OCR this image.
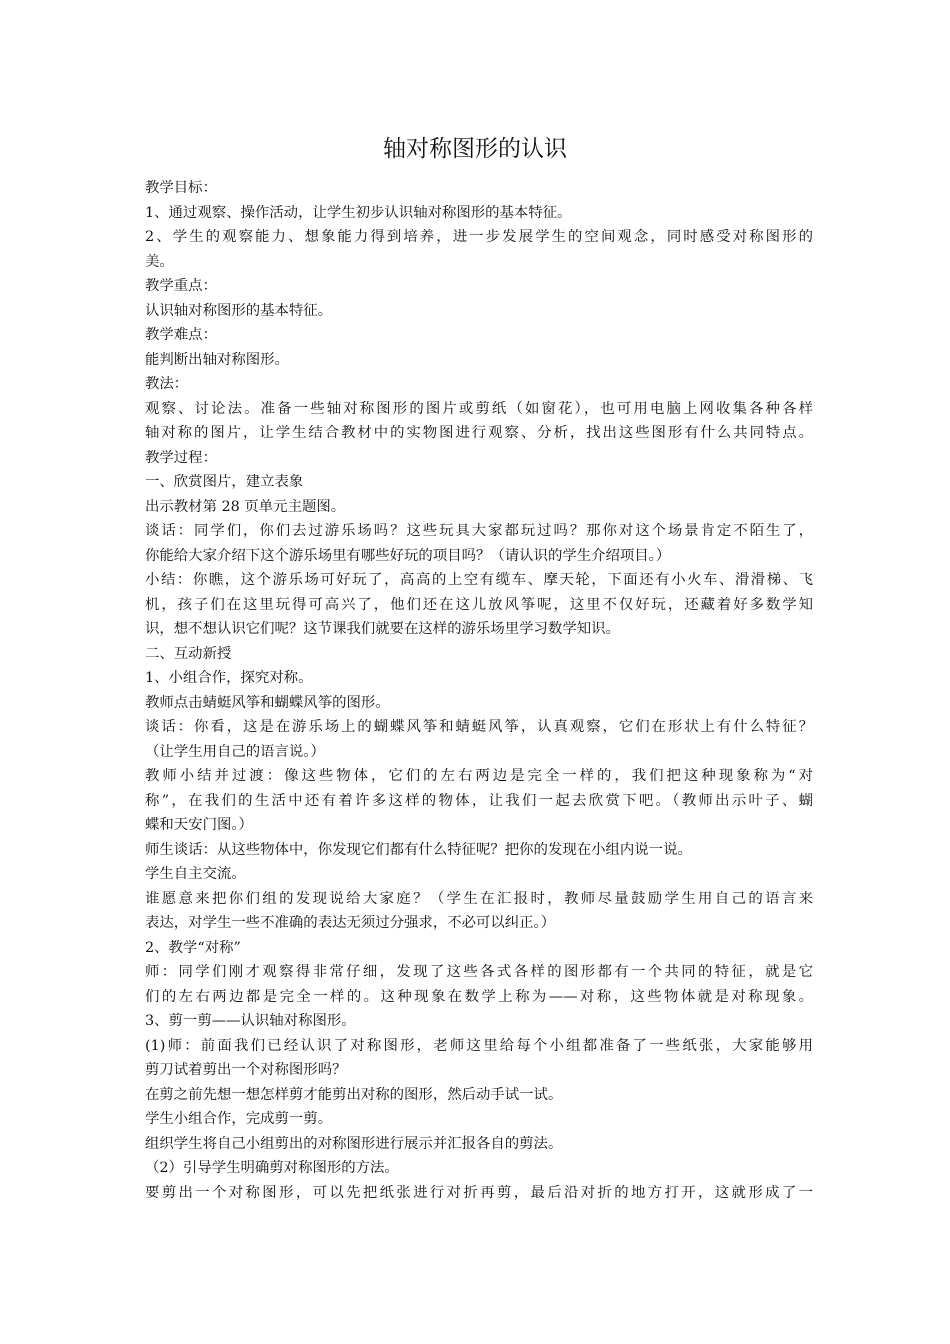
轴对称图形的认识
教学目标：
1、通过观察、操作活动，让学生初步认识轴对称图形的基本特征。
2、学生的观察能力、想象能力得到培养，进一步发展学生的空间观念，同时感受对称图形的
美。
教学重点：
认识轴对称图形的基本特征。
教学难点：
能判断出轴对称图形。
教法：
观察、讨论法。准备一些轴对称图形的图片或剪纸（如窗花），也可用电脑上网收集各种各样
轴对称的图片，让学生结合教材中的实物图进行观察、分析，找出这些图形有什么共同特点。
教学过程：
一、欣赏图片，建立表象
出示教材第 28 页单元主题图。
谈话：同学们，你们去过游乐场吗？这些玩具大家都玩过吗？那你对这个场景肯定不陌生了，
你能给大家介绍下这个游乐场里有哪些好玩的项目吗？（请认识的学生介绍项目。）
小结：你瞧，这个游乐场可好玩了，高高的上空有缆车、摩天轮，下面还有小火车、滑滑梯、飞
机，孩子们在这里玩得可高兴了，他们还在这儿放风筝呢，这里不仅好玩，还藏着好多数学知
识，想不想认识它们呢？这节课我们就要在这样的游乐场里学习数学知识。
二、互动新授
1、小组合作，探究对称。
教师点击蜻蜓风筝和蝴蝶风筝的图形。
谈话：你看，这是在游乐场上的蝴蝶风筝和蜻蜓风筝，认真观察，它们在形状上有什么特征？
（让学生用自己的语言说。）
教师小结并过渡：像这些物体，它们的左右两边是完全一样的，我们把这种现象称为“对
称”，在我们的生活中还有着许多这样的物体，让我们一起去欣赏下吧。（教师出示叶子、蝴
蝶和天安门图。）
师生谈话：从这些物体中，你发现它们都有什么特征呢？把你的发现在小组内说一说。
学生自主交流。
谁愿意来把你们组的发现说给大家庭？（学生在汇报时，教师尽量鼓励学生用自己的语言来
表达，对学生一些不准确的表达无须过分强求，不必可以纠正。）
2、教学“对称”
师：同学们刚才观察得非常仔细，发现了这些各式各样的图形都有一个共同的特征，就是它
们的左右两边都是完全一样的。这种现象在数学上称为——对称，这些物体就是对称现象。
3、剪一剪——认识轴对称图形。
(1)师：前面我们已经认识了对称图形，老师这里给每个小组都准备了一些纸张，大家能够用
剪刀试着剪出一个对称图形吗？
在剪之前先想一想怎样剪才能剪出对称的图形，然后动手试一试。
学生小组合作，完成剪一剪。
组织学生将自己小组剪出的对称图形进行展示并汇报各自的剪法。
（2）引导学生明确剪对称图形的方法。
要剪出一个对称图形，可以先把纸张进行对折再剪，最后沿对折的地方打开，这就形成了一
